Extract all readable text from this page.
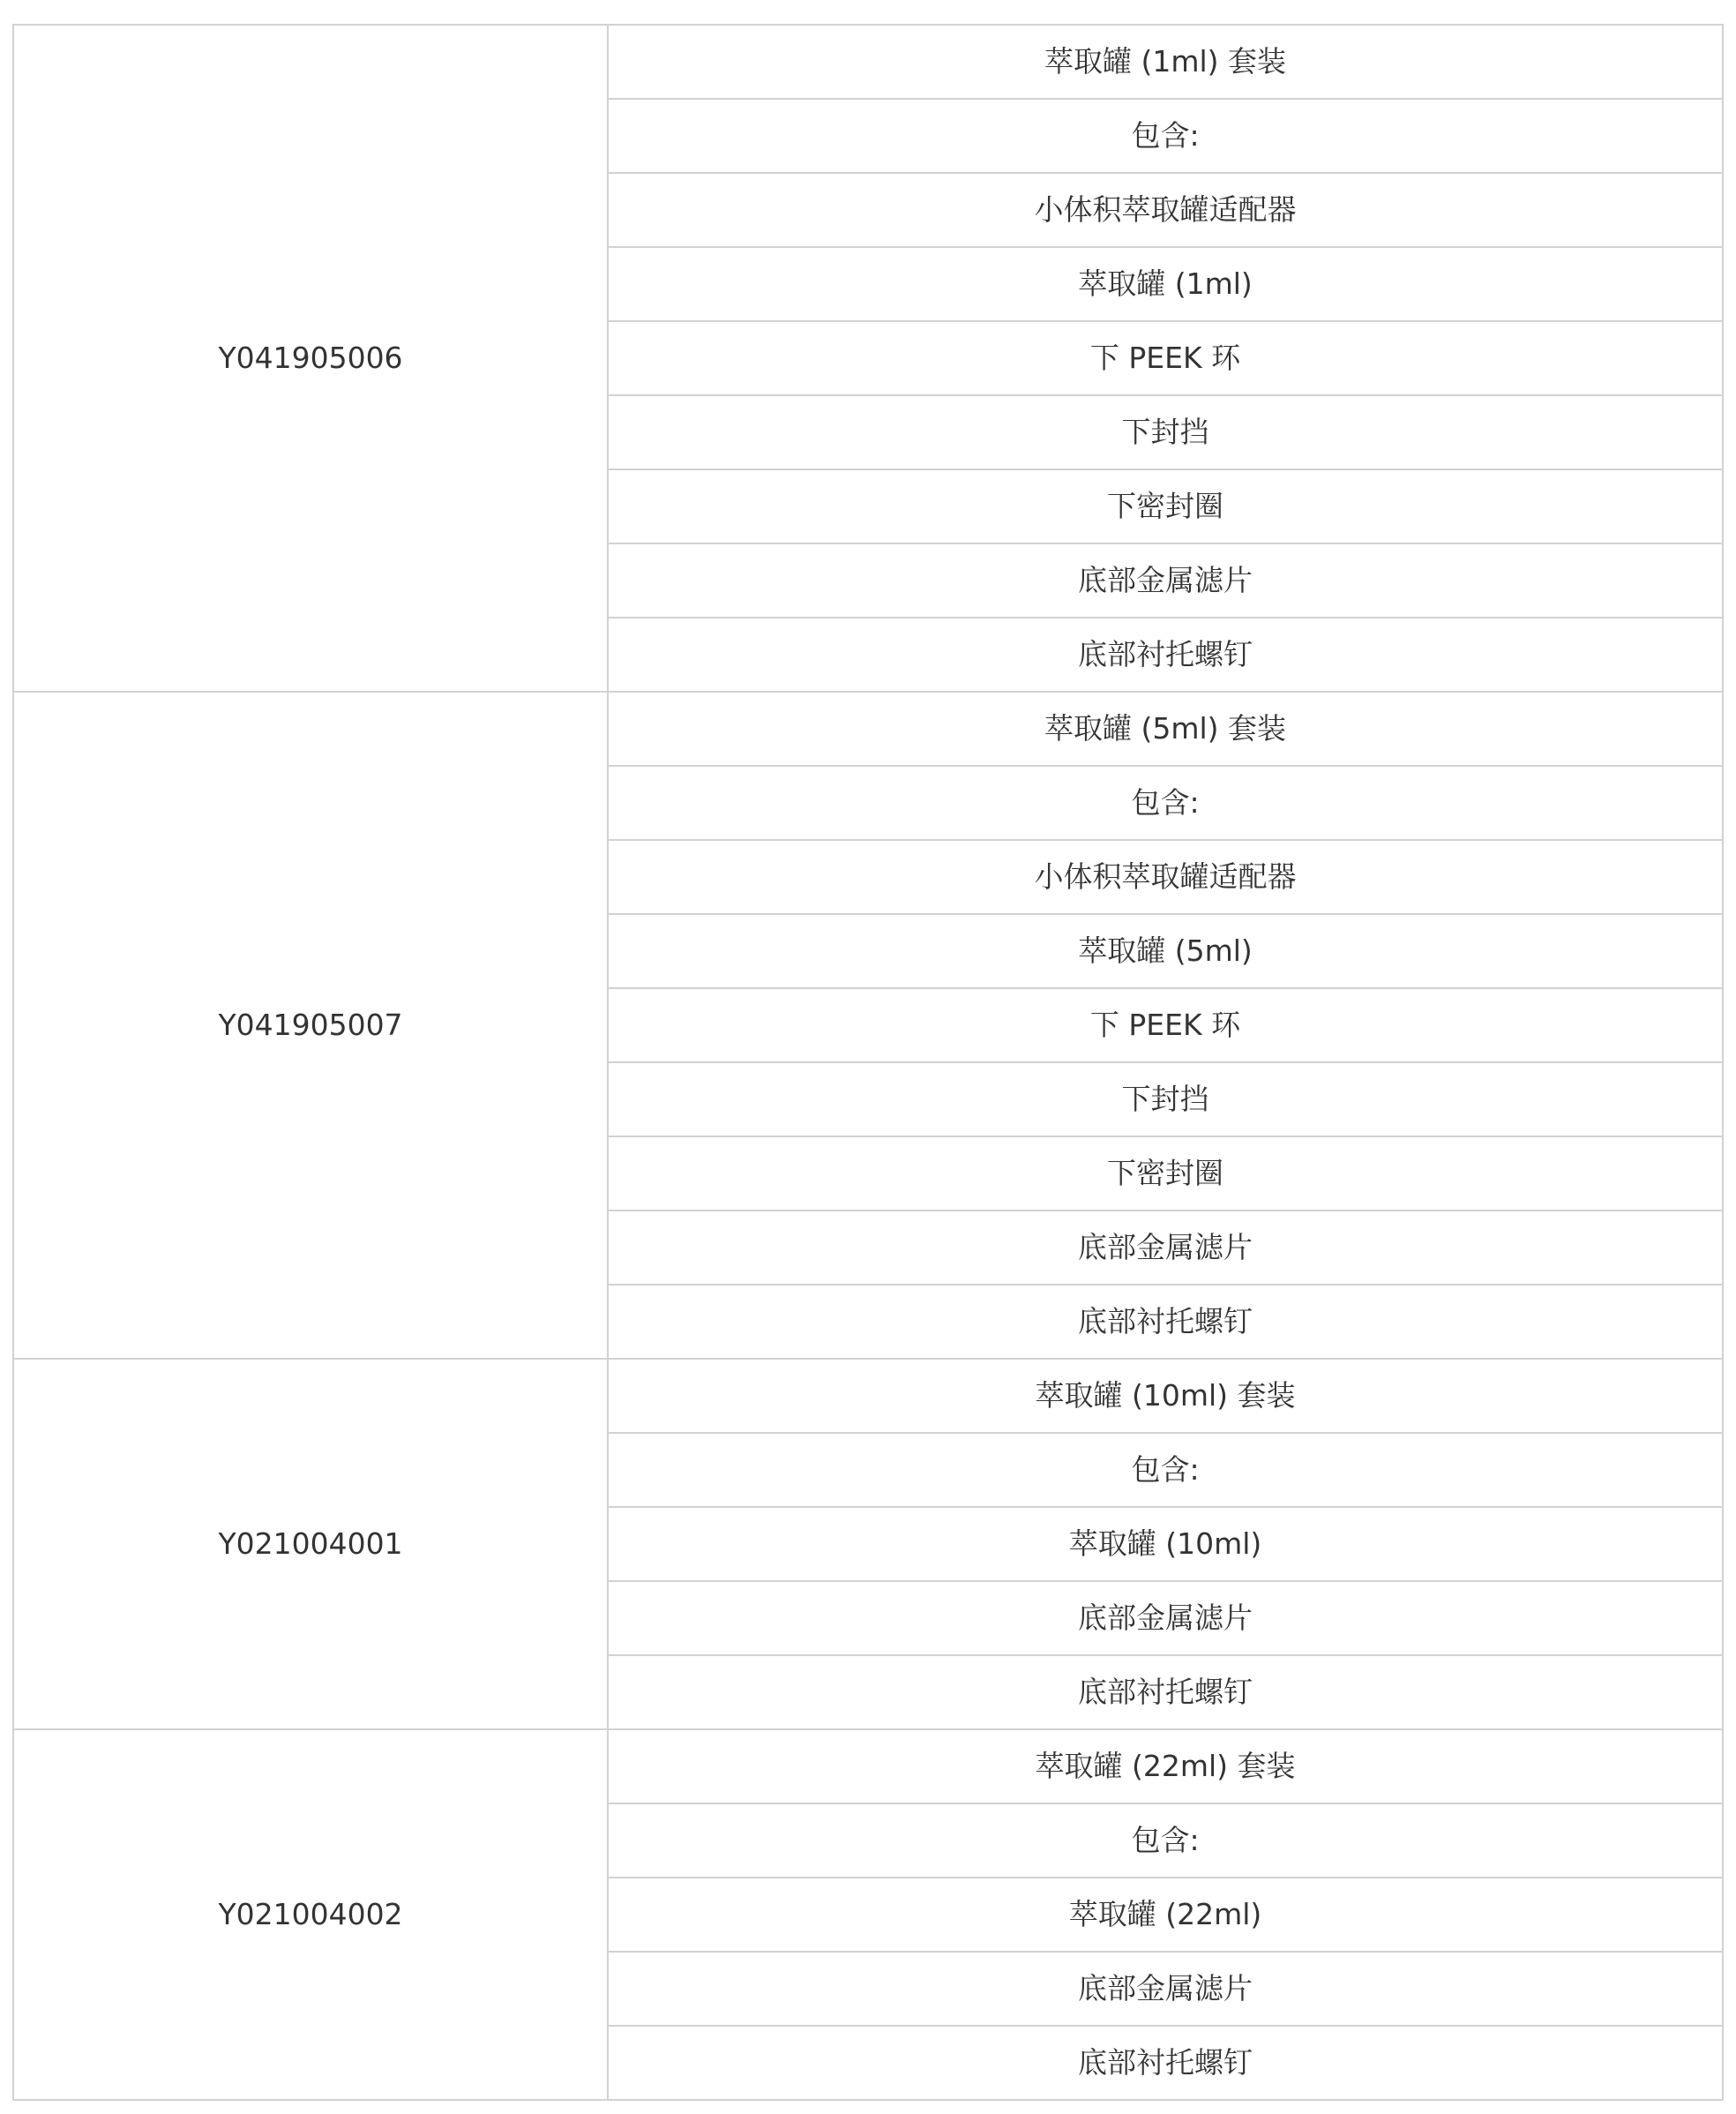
Y041905006	萃取罐 (1ml) 套装
	包含:
	小体积萃取罐适配器
	萃取罐 (1ml)
	下 PEEK 环
	下封挡
	下密封圈
	底部金属滤片
	底部衬托螺钉
Y041905007	萃取罐 (5ml) 套装
	包含:
	小体积萃取罐适配器
	萃取罐 (5ml)
	下 PEEK 环
	下封挡
	下密封圈
	底部金属滤片
	底部衬托螺钉
Y021004001	萃取罐 (10ml) 套装
	包含:
	萃取罐 (10ml)
	底部金属滤片
	底部衬托螺钉
Y021004002	萃取罐 (22ml) 套装
	包含:
	萃取罐 (22ml)
	底部金属滤片
	底部衬托螺钉
